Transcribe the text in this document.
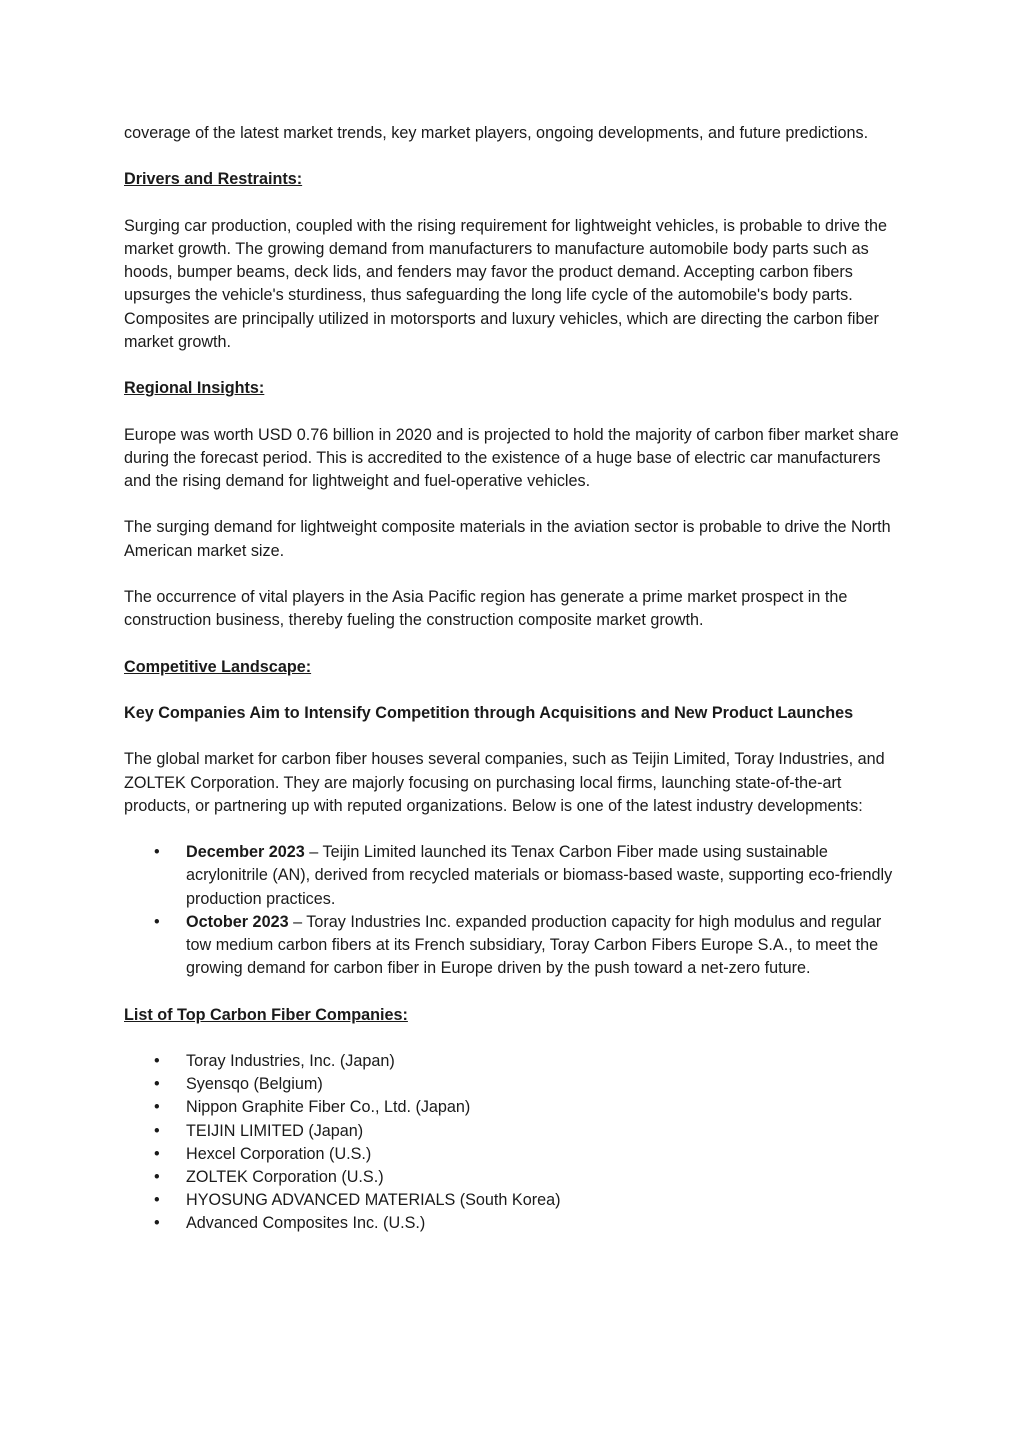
coverage of the latest market trends, key market players, ongoing developments, and future predictions.

Drivers and Restraints:

Surging car production, coupled with the rising requirement for lightweight vehicles, is probable to drive the market growth. The growing demand from manufacturers to manufacture automobile body parts such as hoods, bumper beams, deck lids, and fenders may favor the product demand. Accepting carbon fibers upsurges the vehicle's sturdiness, thus safeguarding the long life cycle of the automobile's body parts. Composites are principally utilized in motorsports and luxury vehicles, which are directing the carbon fiber market growth.

Regional Insights:

Europe was worth USD 0.76 billion in 2020 and is projected to hold the majority of carbon fiber market share during the forecast period. This is accredited to the existence of a huge base of electric car manufacturers and the rising demand for lightweight and fuel-operative vehicles.

The surging demand for lightweight composite materials in the aviation sector is probable to drive the North American market size.

The occurrence of vital players in the Asia Pacific region has generate a prime market prospect in the construction business, thereby fueling the construction composite market growth.

Competitive Landscape:
Key Companies Aim to Intensify Competition through Acquisitions and New Product Launches

The global market for carbon fiber houses several companies, such as Teijin Limited, Toray Industries, and ZOLTEK Corporation. They are majorly focusing on purchasing local firms, launching state-of-the-art products, or partnering up with reputed organizations. Below is one of the latest industry developments:

• December 2023 – Teijin Limited launched its Tenax Carbon Fiber made using sustainable acrylonitrile (AN), derived from recycled materials or biomass-based waste, supporting eco-friendly production practices.
• October 2023 – Toray Industries Inc. expanded production capacity for high modulus and regular tow medium carbon fibers at its French subsidiary, Toray Carbon Fibers Europe S.A., to meet the growing demand for carbon fiber in Europe driven by the push toward a net-zero future.
List of Top Carbon Fiber Companies:
• Toray Industries, Inc. (Japan)
• Syensqo (Belgium)
• Nippon Graphite Fiber Co., Ltd. (Japan)
• TEIJIN LIMITED (Japan)
• Hexcel Corporation (U.S.)
• ZOLTEK Corporation (U.S.)
• HYOSUNG ADVANCED MATERIALS (South Korea)
• Advanced Composites Inc. (U.S.)
